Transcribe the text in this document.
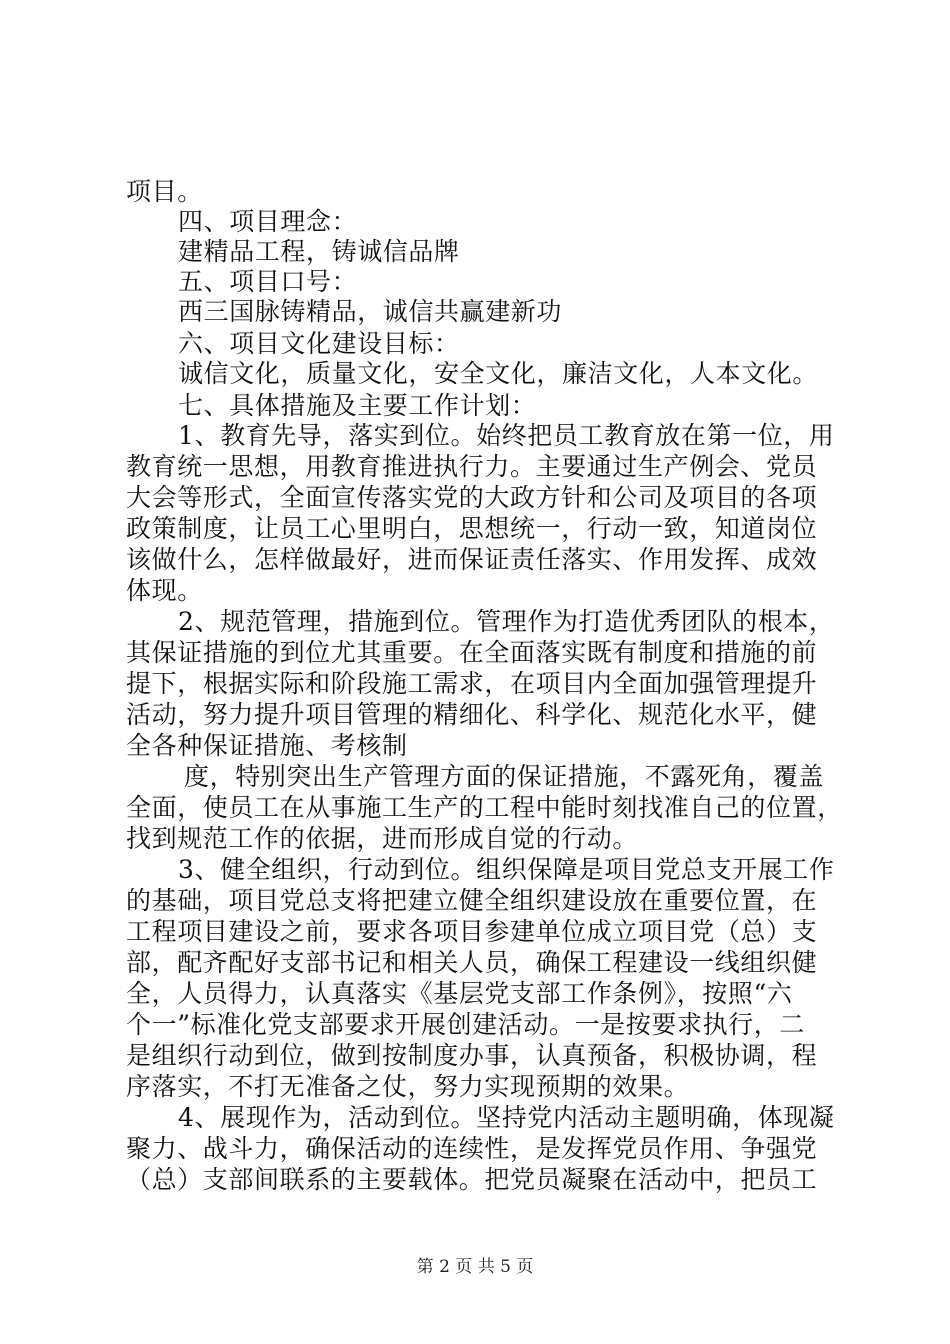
项目。
四、项目理念：
建精品工程，铸诚信品牌
五、项目口号：
西三国脉铸精品，诚信共赢建新功
六、项目文化建设目标：
诚信文化，质量文化，安全文化，廉洁文化，人本文化。
七、具体措施及主要工作计划：
1、教育先导，落实到位。始终把员工教育放在第一位，用
教育统一思想，用教育推进执行力。主要通过生产例会、党员
大会等形式，全面宣传落实党的大政方针和公司及项目的各项
政策制度，让员工心里明白，思想统一，行动一致，知道岗位
该做什么，怎样做最好，进而保证责任落实、作用发挥、成效
体现。
2、规范管理，措施到位。管理作为打造优秀团队的根本，
其保证措施的到位尤其重要。在全面落实既有制度和措施的前
提下，根据实际和阶段施工需求，在项目内全面加强管理提升
活动，努力提升项目管理的精细化、科学化、规范化水平，健
全各种保证措施、考核制
度，特别突出生产管理方面的保证措施，不露死角，覆盖
全面，使员工在从事施工生产的工程中能时刻找准自己的位置，
找到规范工作的依据，进而形成自觉的行动。
3、健全组织，行动到位。组织保障是项目党总支开展工作
的基础，项目党总支将把建立健全组织建设放在重要位置，在
工程项目建设之前，要求各项目参建单位成立项目党（总）支
部，配齐配好支部书记和相关人员，确保工程建设一线组织健
全，人员得力，认真落实《基层党支部工作条例》，按照“六
个一”标准化党支部要求开展创建活动。一是按要求执行，二
是组织行动到位，做到按制度办事，认真预备，积极协调，程
序落实，不打无准备之仗，努力实现预期的效果。
4、展现作为，活动到位。坚持党内活动主题明确，体现凝
聚力、战斗力，确保活动的连续性，是发挥党员作用、争强党
（总）支部间联系的主要载体。把党员凝聚在活动中，把员工
第 2 页 共 5 页
